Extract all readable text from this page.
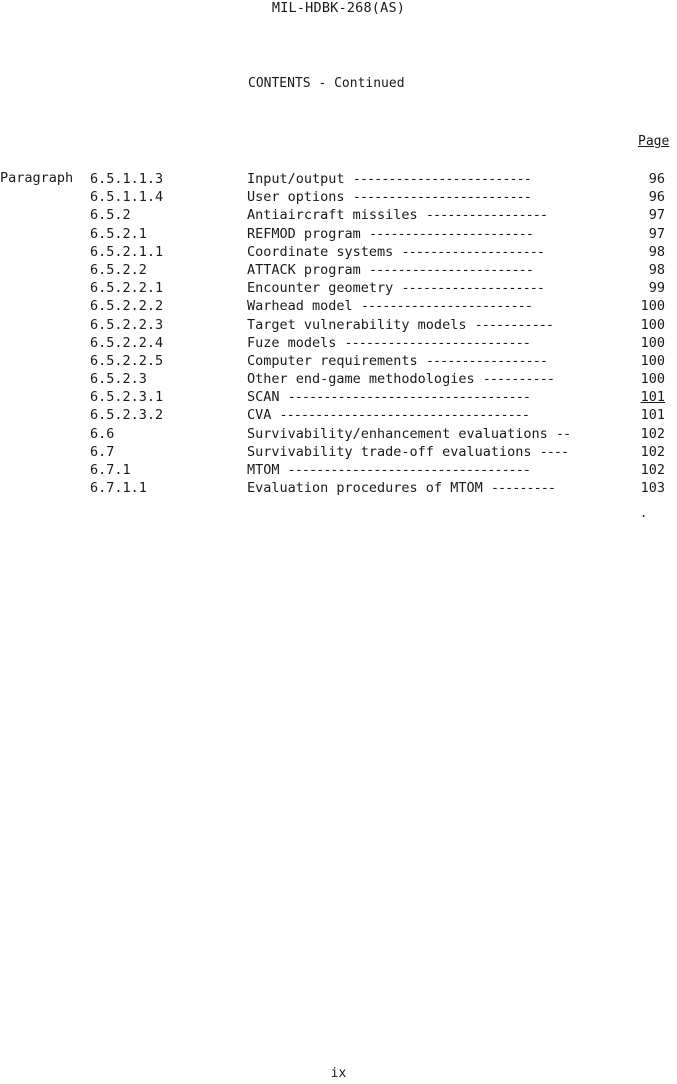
MIL-HDBK-268(AS)
CONTENTS - Continued
Page
Paragraph 6.5.1.1.3	Input/output -------------------------	96
6.5.1.1.4	User options -------------------------	96
6.5.2	Antiaircraft missiles -----------------	97
6.5.2.1	REFMOD program -----------------------	97
6.5.2.1.1	Coordinate systems --------------------	98
6.5.2.2	ATTACK program -----------------------	98
6.5.2.2.1	Encounter geometry --------------------	99
6.5.2.2.2	Warhead model ------------------------	100
6.5.2.2.3	Target vulnerability models -----------	100
6.5.2.2.4	Fuze models --------------------------	100
6.5.2.2.5	Computer requirements -----------------	100
6.5.2.3	Other end-game methodologies ----------	100
6.5.2.3.1	SCAN ----------------------------------	101
6.5.2.3.2	CVA -----------------------------------	101
6.6	Survivability/enhancement evaluations --	102
6.7	Survivability trade-off evaluations ----	102
6.7.1	MTOM ----------------------------------	102
6.7.1.1	Evaluation procedures of MTOM ---------	103
.
ix
